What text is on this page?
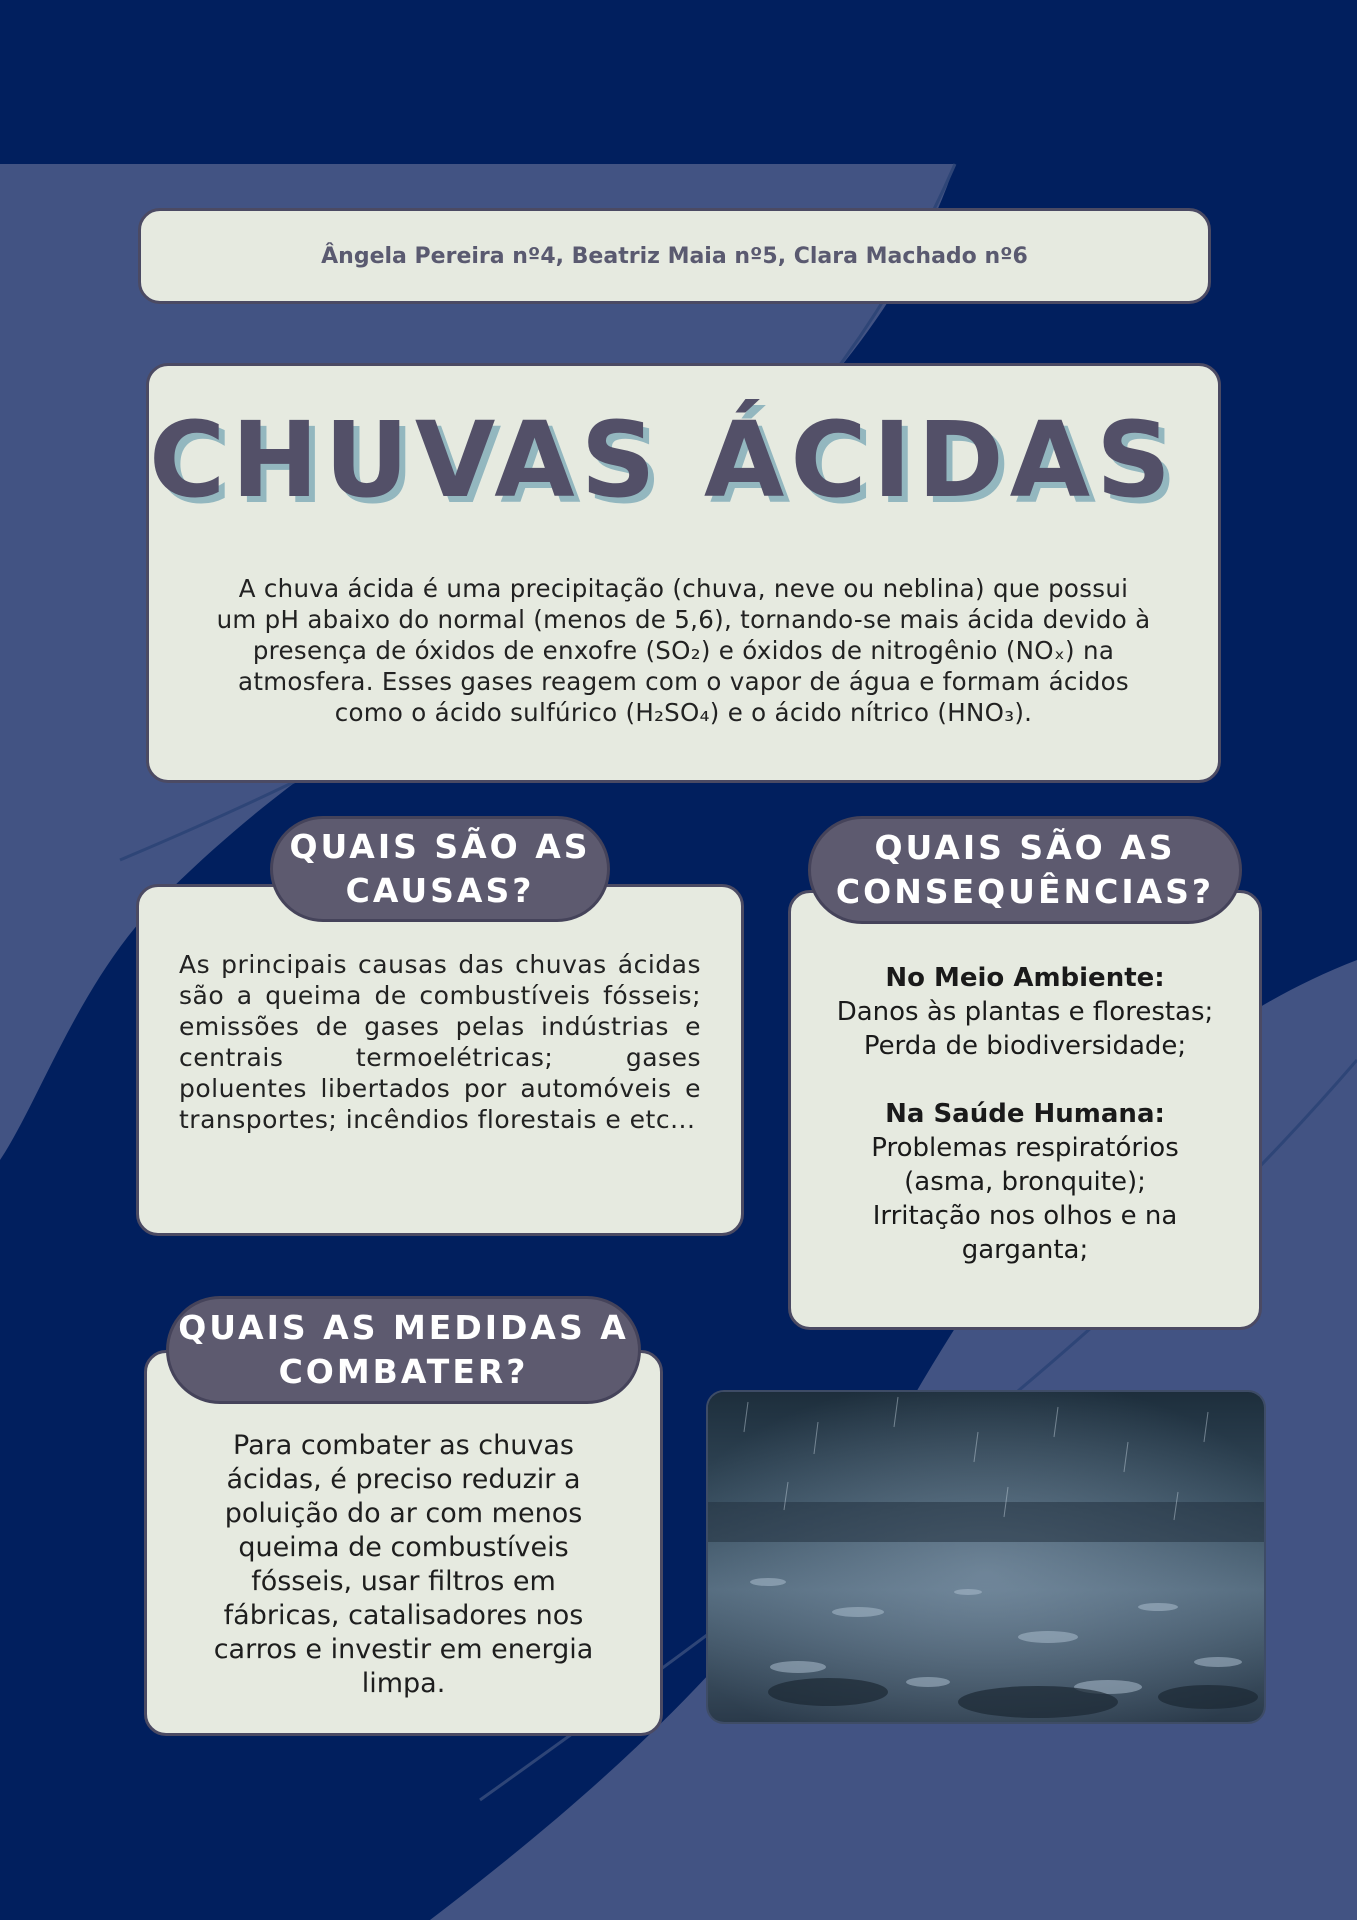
Ângela Pereira nº4, Beatriz Maia nº5, Clara Machado nº6
CHUVAS ÁCIDAS
A chuva ácida é uma precipitação (chuva, neve ou neblina) que possui
um pH abaixo do normal (menos de 5,6), tornando-se mais ácida devido à
presença de óxidos de enxofre (SO₂) e óxidos de nitrogênio (NOₓ) na
atmosfera. Esses gases reagem com o vapor de água e formam ácidos
como o ácido sulfúrico (H₂SO₄) e o ácido nítrico (HNO₃).
As principais causas das chuvas ácidas são a queima de combustíveis fósseis; emissões de gases pelas indústrias e centrais termoelétricas; gases poluentes libertados por automóveis e transportes; incêndios florestais e etc...
QUAIS SÃO AS
CAUSAS?
No Meio Ambiente:
Danos às plantas e florestas;
Perda de biodiversidade;
Na Saúde Humana:
Problemas respiratórios
(asma, bronquite);
Irritação nos olhos e na
garganta;
QUAIS SÃO AS
CONSEQUÊNCIAS?
Para combater as chuvas
ácidas, é preciso reduzir a
poluição do ar com menos
queima de combustíveis
fósseis, usar filtros em
fábricas, catalisadores nos
carros e investir em energia
limpa.
QUAIS AS MEDIDAS A
COMBATER?
